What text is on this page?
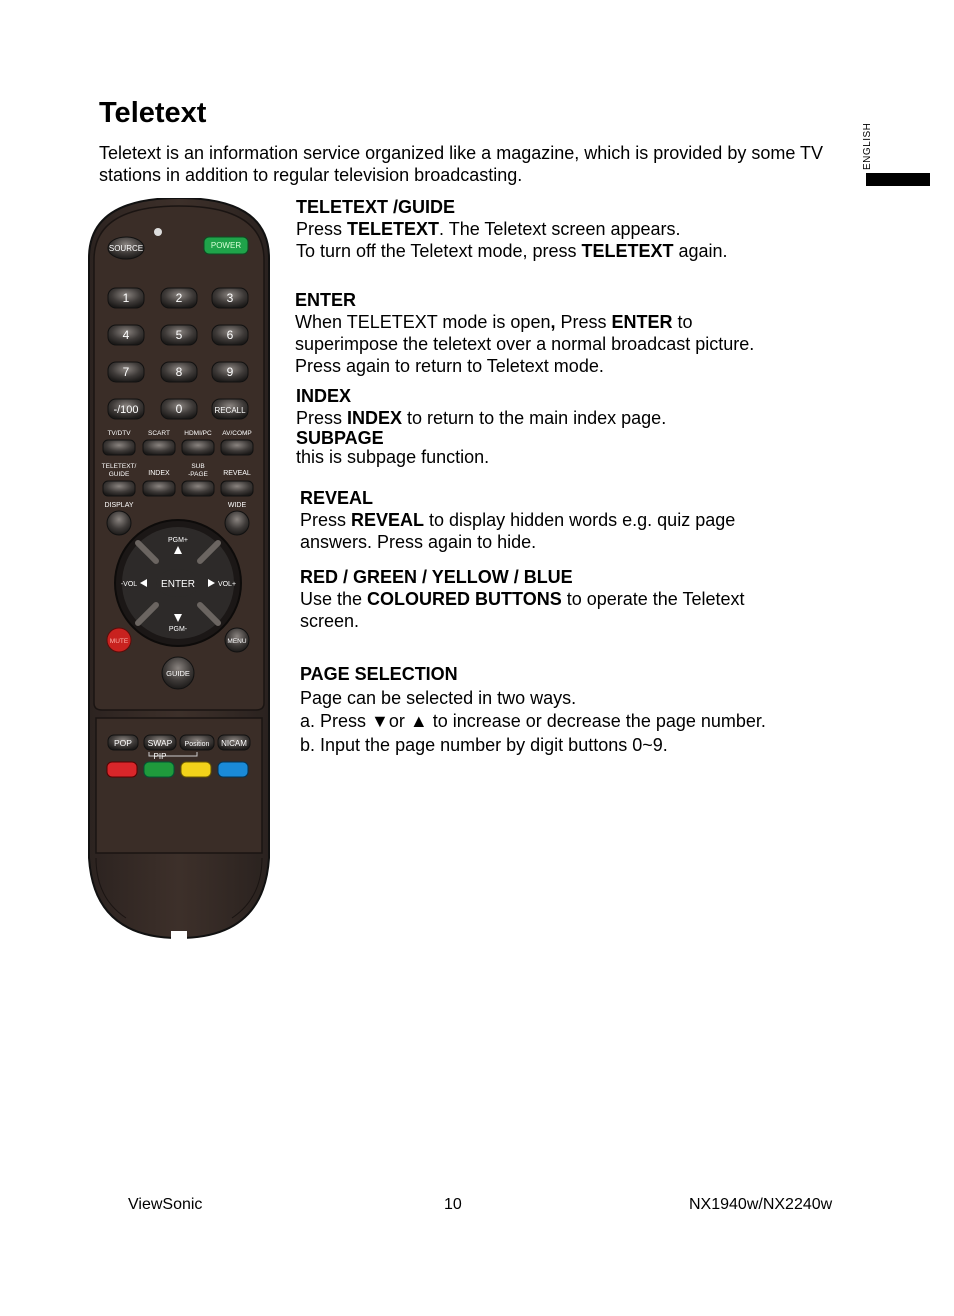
Teletext

Teletext is an information service organized like a magazine, which is provided by some TV stations in addition to regular television broadcasting.

ENGLISH
SOURCE	POWER
1	2	3
4	5	6
7	8	9
-/100	0	RECALL
TV/DTV	SCART HDMI/PC AV/COMP
TELETEXT/
GUIDE	INDEX
SUB
-PAGE REVEAL
DISPLAY	WIDE
ENTER
PGM+
PGM-
-VOL	VOL+
MUTE	MENU
GUIDE
POP SWAP Position NICAM
PIP
TELETEXT /GUIDE

Press TELETEXT. The Teletext screen appears.

To turn off the Teletext mode, press TELETEXT again.

ENTER

When TELETEXT mode is open, Press ENTER to

superimpose the teletext over a normal broadcast picture.

Press again to return to Teletext mode.

INDEX

Press INDEX to return to the main index page.

SUBPAGE

this is subpage function.

REVEAL

Press REVEAL to display hidden words e.g. quiz page

answers. Press again to hide.

RED / GREEN / YELLOW / BLUE

Use the COLOURED BUTTONS to operate the Teletext

screen.

PAGE SELECTION

Page can be selected in two ways.

a. Press ▼or ▲ to increase or decrease the page number.

b. Input the page number by digit buttons 0~9.

ViewSonic	10	NX1940w/NX2240w
